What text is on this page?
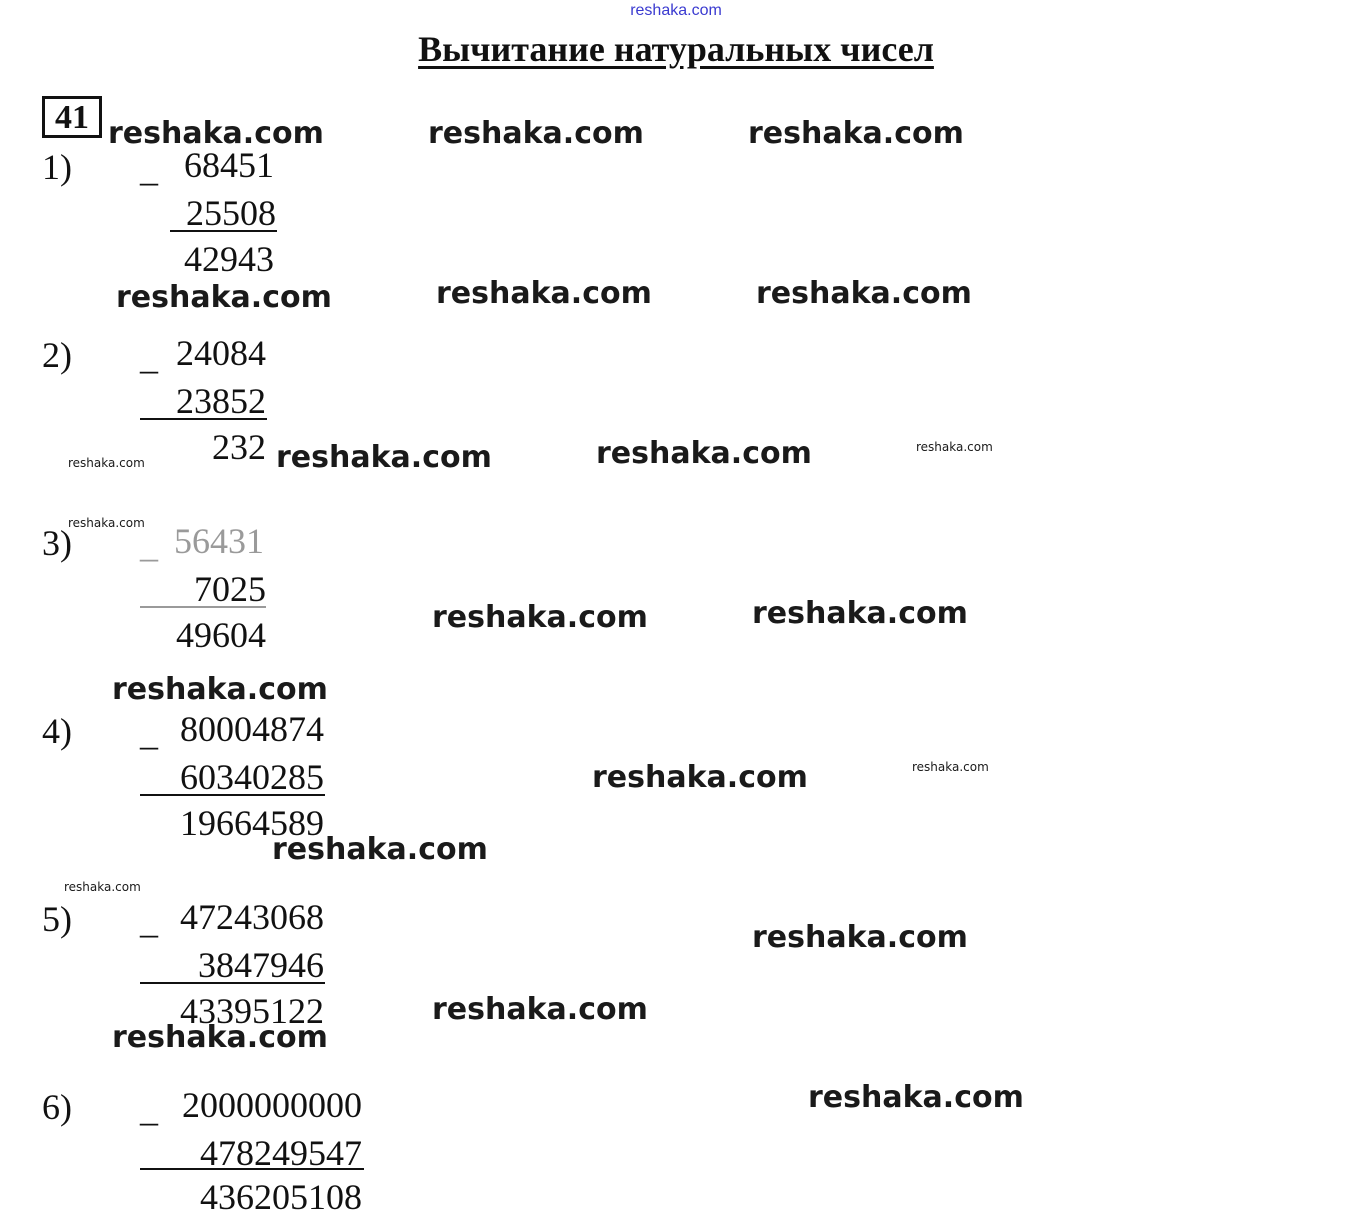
reshaka.com
Вычитание натуральных чисел
41 reshaka.com	reshaka.com	reshaka.com
reshaka.com	reshaka.com	reshaka.com
reshaka.com	reshaka.com
reshaka.com	reshaka.com
reshaka.com
reshaka.com
reshaka.com
reshaka.com
reshaka.com
reshaka.com
reshaka.com
reshaka.com
reshaka.com
reshaka.com
reshaka.com
reshaka.com
1) _ 68451
25508
42943
2) _ 24084
23852
232
3) _ 56431
7025
49604
4) _ 80004874
60340285
19664589
5) _ 47243068
3847946
43395122
6) _ 2000000000
478249547
436205108
